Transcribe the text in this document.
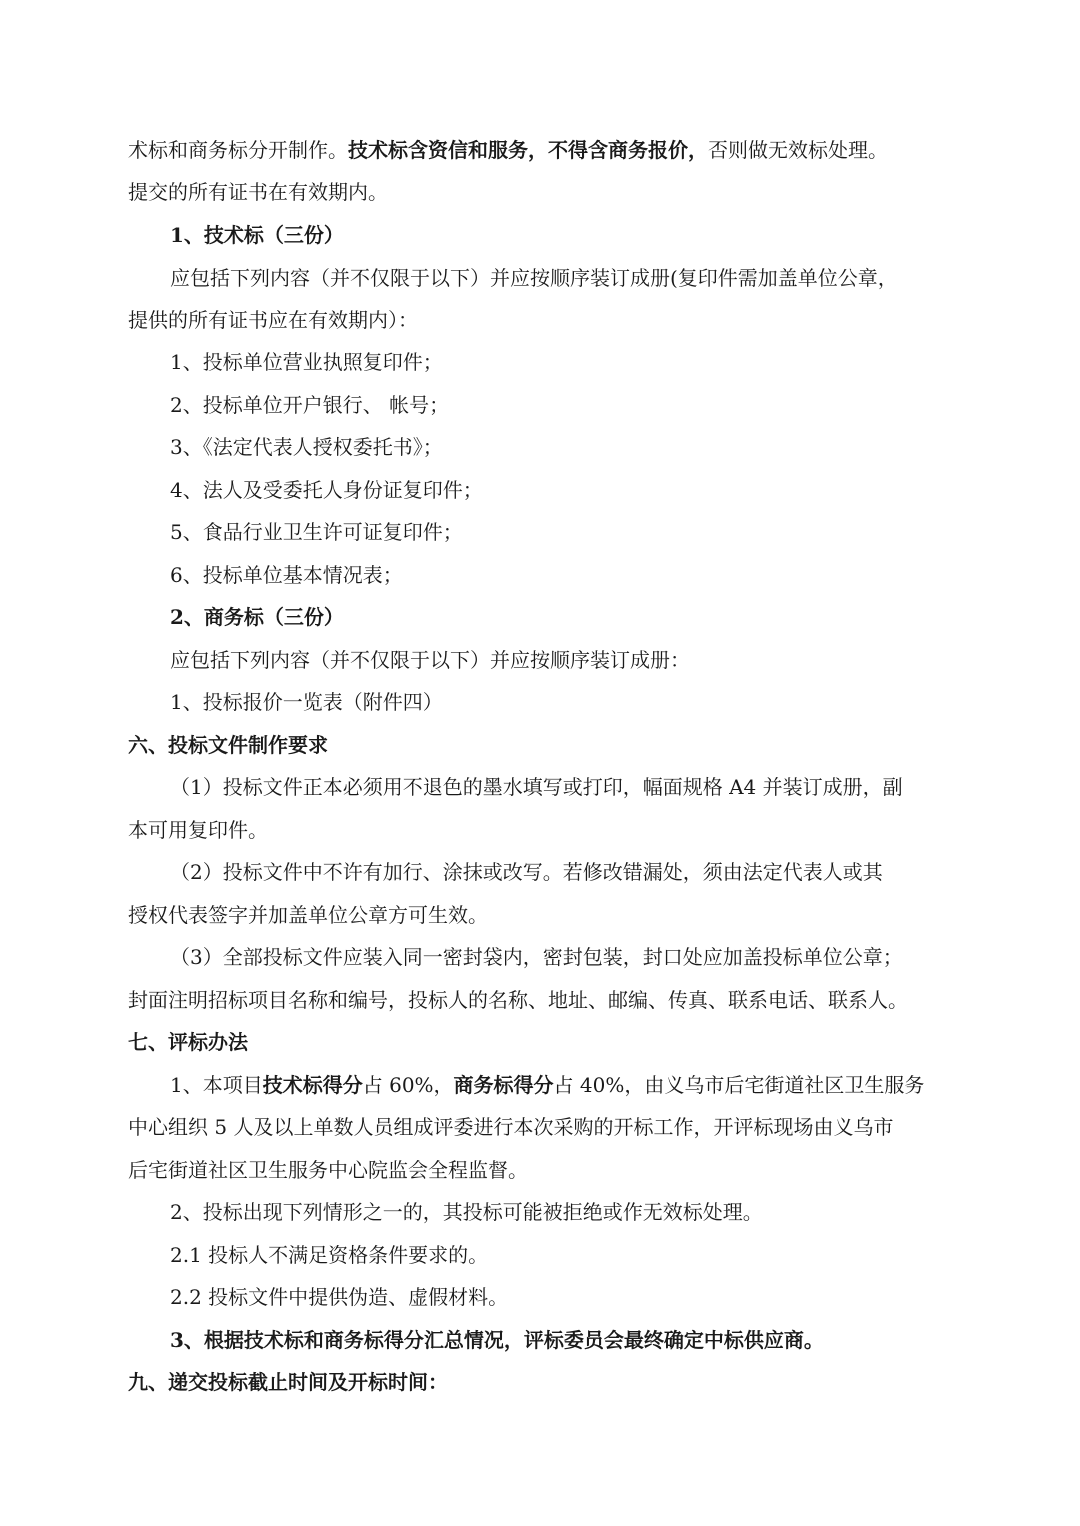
术标和商务标分开制作。技术标含资信和服务，不得含商务报价，否则做无效标处理。
提交的所有证书在有效期内。
1、技术标（三份）
应包括下列内容（并不仅限于以下）并应按顺序装订成册(复印件需加盖单位公章，
提供的所有证书应在有效期内）：
1、投标单位营业执照复印件；
2、投标单位开户银行、 帐号；
3、《法定代表人授权委托书》；
4、法人及受委托人身份证复印件；
5、食品行业卫生许可证复印件；
6、投标单位基本情况表；
2、商务标（三份）
应包括下列内容（并不仅限于以下）并应按顺序装订成册：
1、投标报价一览表（附件四）
六、投标文件制作要求
（1）投标文件正本必须用不退色的墨水填写或打印，幅面规格 A4 并装订成册，副
本可用复印件。
（2）投标文件中不许有加行、涂抹或改写。若修改错漏处，须由法定代表人或其
授权代表签字并加盖单位公章方可生效。
（3）全部投标文件应装入同一密封袋内，密封包装，封口处应加盖投标单位公章；
封面注明招标项目名称和编号，投标人的名称、地址、邮编、传真、联系电话、联系人。
七、评标办法
1、本项目技术标得分占 60%，商务标得分占 40%，由义乌市后宅街道社区卫生服务
中心组织 5 人及以上单数人员组成评委进行本次采购的开标工作，开评标现场由义乌市
后宅街道社区卫生服务中心院监会全程监督。
2、投标出现下列情形之一的，其投标可能被拒绝或作无效标处理。
2.1 投标人不满足资格条件要求的。
2.2 投标文件中提供伪造、虚假材料。
3、根据技术标和商务标得分汇总情况，评标委员会最终确定中标供应商。
九、递交投标截止时间及开标时间：
